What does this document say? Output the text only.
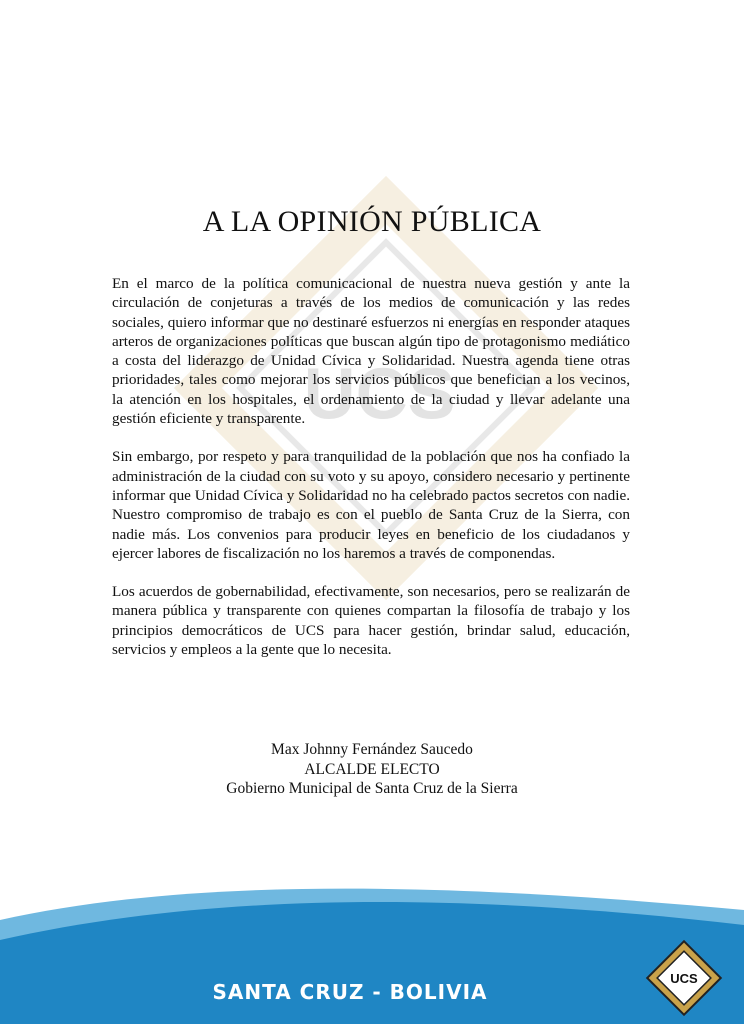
UCS
A LA OPINIÓN PÚBLICA

En el marco de la política comunicacional de nuestra nueva gestión y ante la circulación de conjeturas a través de los medios de comunicación y las redes sociales, quiero informar que no destinaré esfuerzos ni energías en responder ataques arteros de organizaciones políticas que buscan algún tipo de protagonismo mediático a costa del liderazgo de Unidad Cívica y Solidaridad. Nuestra agenda tiene otras prioridades, tales como mejorar los servicios públicos que benefician a los vecinos, la atención en los hospitales, el ordenamiento de la ciudad y llevar adelante una gestión eficiente y transparente.

Sin embargo, por respeto y para tranquilidad de la población que nos ha confiado la administración de la ciudad con su voto y su apoyo, considero necesario y pertinente informar que Unidad Cívica y Solidaridad no ha celebrado pactos secretos con nadie. Nuestro compromiso de trabajo es con el pueblo de Santa Cruz de la Sierra, con nadie más. Los convenios para producir leyes en beneficio de los ciudadanos y ejercer labores de fiscalización no los haremos a través de componendas.

Los acuerdos de gobernabilidad, efectivamente, son necesarios, pero se realizarán de manera pública y transparente con quienes compartan la filosofía de trabajo y los principios democráticos de UCS para hacer gestión, brindar salud, educación, servicios y empleos a la gente que lo necesita.

Max Johnny Fernández Saucedo
ALCALDE ELECTO
Gobierno Municipal de Santa Cruz de la Sierra
SANTA CRUZ - BOLIVIA
UCS
